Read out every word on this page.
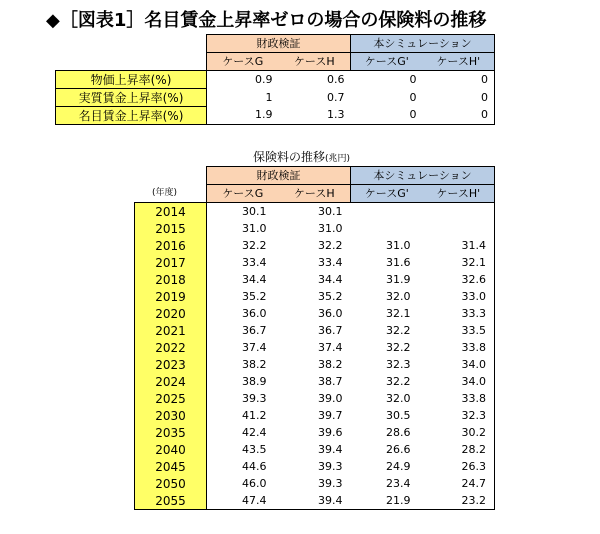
◆［図表1］名目賃金上昇率ゼロの場合の保険料の推移
	財政検証		本シミュレーション	
	ケースG	ケースH	ケースG'	ケースH'
物価上昇率(%)	0.9	0.6	0	0
実質賃金上昇率(%)	1	0.7	0	0
名目賃金上昇率(%)	1.9	1.3	0	0
保険料の推移(兆円)
(年度)
	財政検証		本シミュレーション	
	ケースG	ケースH	ケースG'	ケースH'
2014	30.1	30.1		
2015	31.0	31.0		
2016	32.2	32.2	31.0	31.4
2017	33.4	33.4	31.6	32.1
2018	34.4	34.4	31.9	32.6
2019	35.2	35.2	32.0	33.0
2020	36.0	36.0	32.1	33.3
2021	36.7	36.7	32.2	33.5
2022	37.4	37.4	32.2	33.8
2023	38.2	38.2	32.3	34.0
2024	38.9	38.7	32.2	34.0
2025	39.3	39.0	32.0	33.8
2030	41.2	39.7	30.5	32.3
2035	42.4	39.6	28.6	30.2
2040	43.5	39.4	26.6	28.2
2045	44.6	39.3	24.9	26.3
2050	46.0	39.3	23.4	24.7
2055	47.4	39.4	21.9	23.2
